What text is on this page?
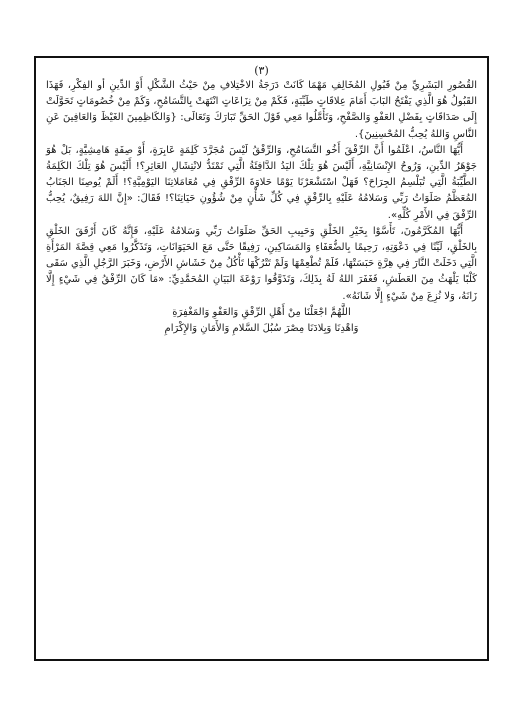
(٣)

القُصُورِ البَشَرِيِّ مِنْ قَبُولِ المُخَالِفِ مَهْمَا كَانَتْ دَرَجَةُ الاخْتِلافِ مِنْ حَيْثُ الشَّكْلِ أَوْ الدِّينِ أو الفِكْرِ، فَهَذَا القَبُولُ هُوَ الَّذِي يَفْتَحُ البَابَ أَمَامَ عِلاقَاتٍ طَيِّبَةٍ، فَكَمْ مِنْ نِزَاعَاتٍ انْتَهَتْ بِالتَّسَامُحِ، وَكَمْ مِنْ خُصُومَاتٍ تَحَوَّلَتْ إِلَى صَدَاقَاتٍ بِفَضْلِ العَفْوِ وَالصَّفْحِ، وَتَأَمَّلُوا مَعِي قَوْلَ الحَقِّ تَبَارَكَ وَتَعَالَى: {وَالكَاظِمِينَ الغَيْظَ وَالعَافِينَ عَنِ النَّاسِ وَاللهُ يُحِبُّ المُحْسِنِينَ}.

أَيُّهَا النَّاسُ، اعْلَمُوا أَنَّ الرِّفْقَ أَخُو التَّسَامُحِ، وَالرِّفْقُ لَيْسَ مُجَرَّدَ كَلِمَةٍ عَابِرَةٍ، أَوْ صِفَةٍ هَامِشِيَّةٍ، بَلْ هُوَ جَوْهَرُ الدِّينِ، وَرُوحُ الإِنْسَانِيَّةِ، أَلَيْسَ هُوَ تِلْكَ اليَدُ الدَّافِئَةُ الَّتِي تَمْتَدُّ لانْتِشَالِ العَاثِرِ؟! أَلَيْسَ هُوَ تِلْكَ الكَلِمَةُ الطَّيِّبَةُ الَّتِي تُبَلْسِمُ الجِرَاحَ؟ فَهَلْ اسْتَشْعَرْنَا يَوْمًا حَلاوَةَ الرِّفْقِ فِي مُعَامَلاتِنَا اليَوْمِيَّةِ؟! أَلَمْ يُوصِنَا الجَنَابُ المُعَظَّمُ صَلَوَاتُ رَبِّي وَسَلامُهُ عَلَيْهِ بِالرِّفْقِ فِي كُلِّ شَأْنٍ مِنْ شُؤُونِ حَيَاتِنَا؟! فَقَالَ: «إِنَّ اللهَ رَفِيقٌ، يُحِبُّ الرِّفْقَ فِي الأَمْرِ كُلِّهِ».

أَيُّهَا المُكَرَّمُونَ، تَأَسَّوْا بِخَيْرِ الخَلْقِ وَحَبِيبِ الحَقِّ صَلَوَاتُ رَبِّي وَسَلامُهُ عَلَيْهِ، فَإِنَّهُ كَانَ أَرْفَقَ الخَلْقِ بِالخَلْقِ، لَيِّنًا فِي دَعْوَتِهِ، رَحِيمًا بِالضُّعَفَاءِ وَالمَسَاكِينِ، رَفِيقًا حَتَّى مَعَ الحَيَوَانَاتِ، وَتَذَكَّرُوا مَعِي قِصَّةَ المَرْأَةِ الَّتِي دَخَلَتْ النَّارَ فِي هِرَّةٍ حَبَسَتْهَا، فَلَمْ تُطْعِمْهَا وَلَمْ تَتْرُكْهَا تَأْكُلُ مِنْ خَشَاشِ الأَرْضِ، وَخَبَرَ الرَّجُلِ الَّذِي سَقَى كَلْبًا يَلْهَثُ مِنَ العَطَشِ، فَغَفَرَ اللهُ لَهُ بِذَلِكَ، وَتَذَوَّقُوا رَوْعَةَ البَيَانِ المُحَمَّدِيِّ: «مَا كَانَ الرِّفْقُ فِي شَيْءٍ إِلَّا زَانَهُ، وَلا نُزِعَ مِنْ شَيْءٍ إِلَّا شَانَهُ».

اللَّهُمَّ اجْعَلْنَا مِنْ أَهْلِ الرِّفْقِ وَالعَفْوِ وَالمَغْفِرَةِ

وَاهْدِنَا وَبِلادَنَا مِصْرَ سُبُلَ السَّلامِ وَالأَمَانِ وَالإِكْرَامِ
